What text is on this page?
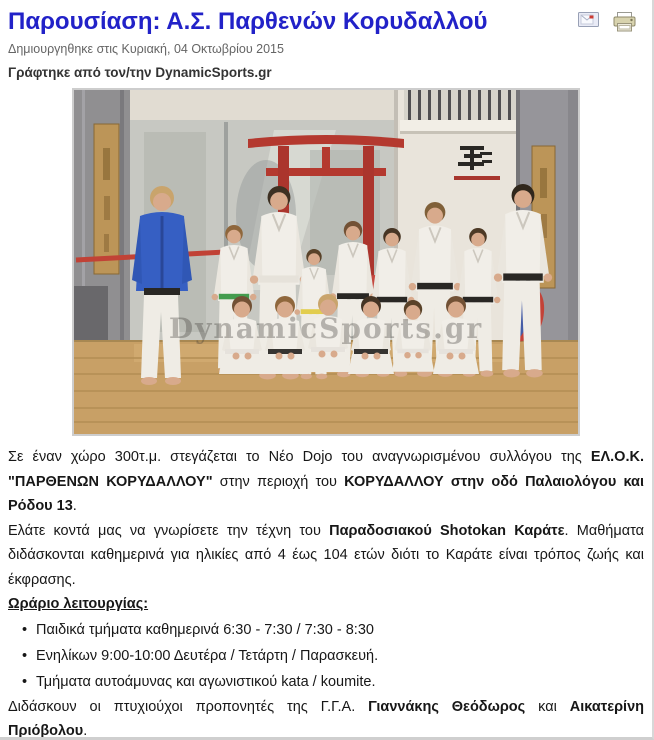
Παρουσίαση: Α.Σ. Παρθενών Κορυδαλλού

Δημιουργηθηκε στις Κυριακή, 04 Οκτωβρίου 2015

Γράφτηκε από τον/την DynamicSports.gr

DynamicSports.gr

Σε έναν χώρο 300τ.μ. στεγάζεται το Νέο Dojo του αναγνωρισμένου συλλόγου της ΕΛ.Ο.Κ. "ΠΑΡΘΕΝΩΝ ΚΟΡΥΔΑΛΛΟΥ" στην περιοχή του ΚΟΡΥΔΑΛΛΟΥ στην οδό Παλαιολόγου και Ρόδου 13.

Ελάτε κοντά μας να γνωρίσετε την τέχνη του Παραδοσιακού Shotokan Καράτε. Μαθήματα διδάσκονται καθημερινά για ηλικίες από 4 έως 104 ετών διότι το Καράτε είναι τρόπος ζωής και έκφρασης.

Ωράριο λειτουργίας:

• Παιδικά τμήματα καθημερινά 6:30 - 7:30 / 7:30 - 8:30
• Ενηλίκων 9:00-10:00 Δευτέρα / Τετάρτη / Παρασκευή.
• Τμήματα αυτοάμυνας και αγωνιστικού kata / koumite.

Διδάσκουν οι πτυχιούχοι προπονητές της Γ.Γ.Α. Γιαννάκης Θεόδωρος και Αικατερίνη Πριόβολου.
